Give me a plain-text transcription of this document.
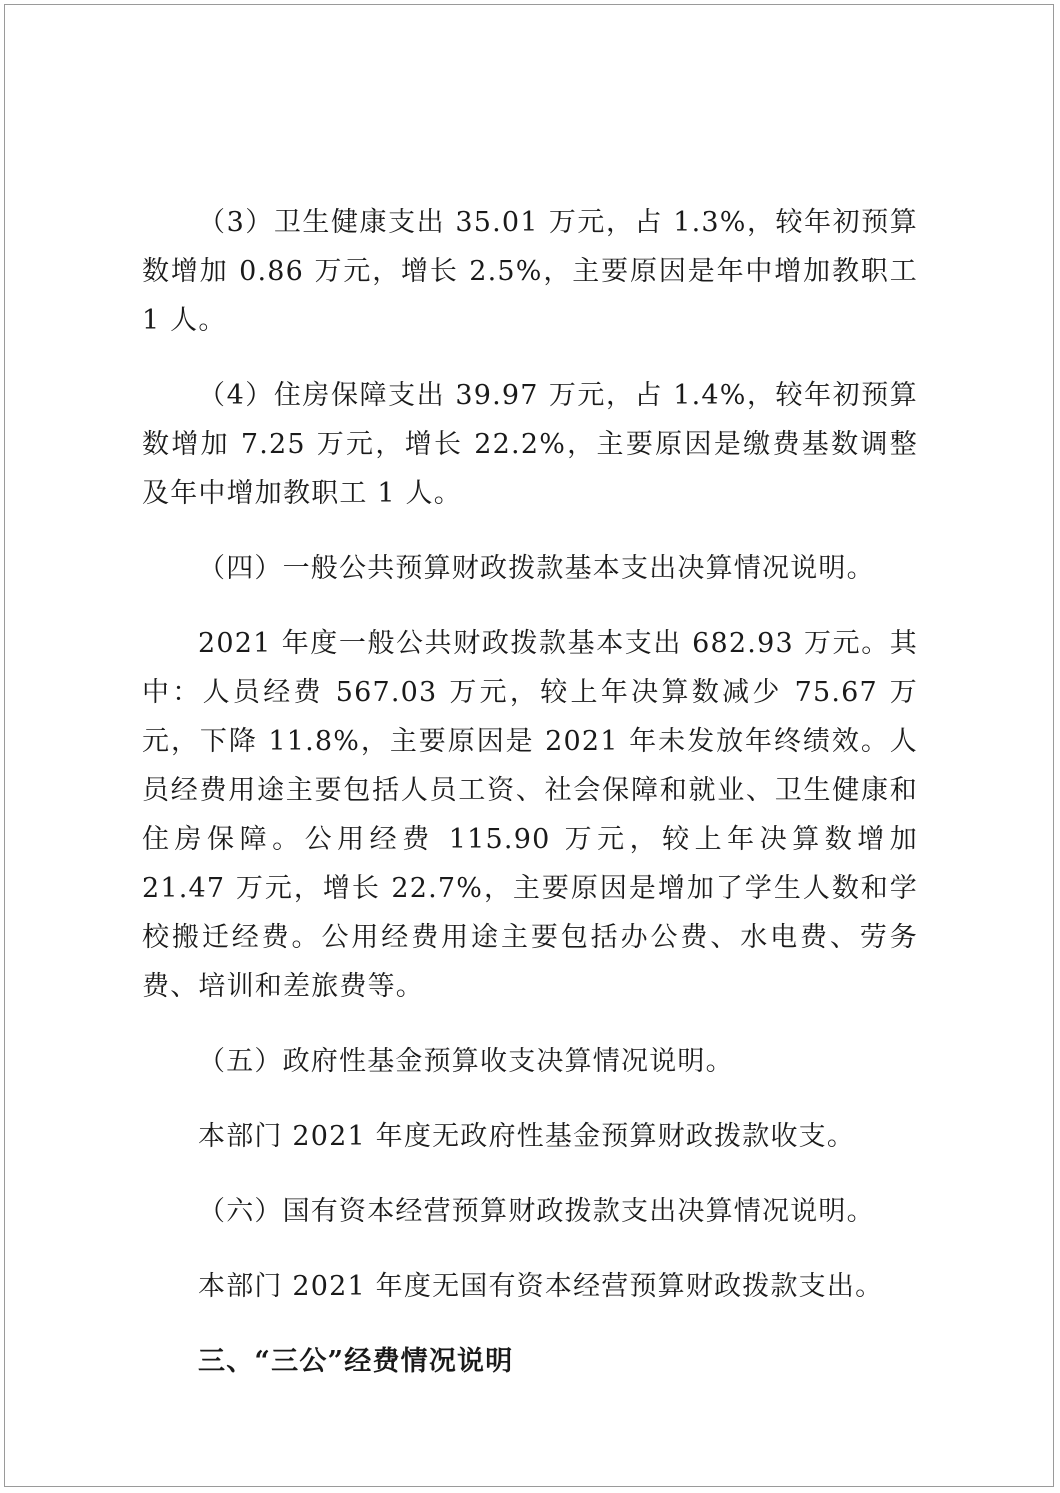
（3）卫生健康支出 35.01 万元，占 1.3%，较年初预算数增加 0.86 万元，增长 2.5%，主要原因是年中增加教职工 1 人。

（4）住房保障支出 39.97 万元，占 1.4%，较年初预算数增加 7.25 万元，增长 22.2%，主要原因是缴费基数调整及年中增加教职工 1 人。

（四）一般公共预算财政拨款基本支出决算情况说明。

2021 年度一般公共财政拨款基本支出 682.93 万元。其中：人员经费 567.03 万元，较上年决算数减少 75.67 万元，下降 11.8%，主要原因是 2021 年未发放年终绩效。人员经费用途主要包括人员工资、社会保障和就业、卫生健康和住房保障。公用经费 115.90 万元，较上年决算数增加 21.47 万元，增长 22.7%，主要原因是增加了学生人数和学校搬迁经费。公用经费用途主要包括办公费、水电费、劳务费、培训和差旅费等。

（五）政府性基金预算收支决算情况说明。

本部门 2021 年度无政府性基金预算财政拨款收支。

（六）国有资本经营预算财政拨款支出决算情况说明。

本部门 2021 年度无国有资本经营预算财政拨款支出。

三、“三公”经费情况说明
